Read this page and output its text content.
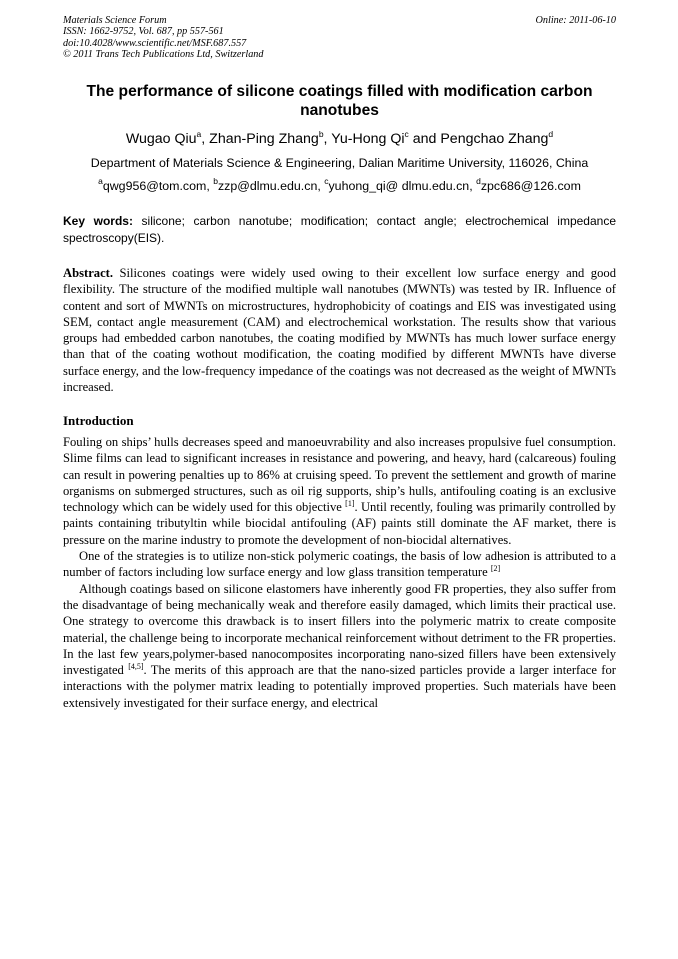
Materials Science Forum
ISSN: 1662-9752, Vol. 687, pp 557-561
doi:10.4028/www.scientific.net/MSF.687.557
© 2011 Trans Tech Publications Ltd, Switzerland
Online: 2011-06-10
The performance of silicone coatings filled with modification carbon nanotubes
Wugao Qiu$^a$, Zhan-Ping Zhang$^b$, Yu-Hong Qi$^c$ and Pengchao Zhang$^d$
Department of Materials Science & Engineering, Dalian Maritime University, 116026, China
$^a$qwg956@tom.com, $^b$zzp@dlmu.edu.cn, $^c$yuhong_qi@ dlmu.edu.cn, $^d$zpc686@126.com
Key words: silicone; carbon nanotube; modification; contact angle; electrochemical impedance spectroscopy(EIS).
Abstract. Silicones coatings were widely used owing to their excellent low surface energy and good flexibility. The structure of the modified multiple wall nanotubes (MWNTs) was tested by IR. Influence of content and sort of MWNTs on microstructures, hydrophobicity of coatings and EIS was investigated using SEM, contact angle measurement (CAM) and electrochemical workstation. The results show that various groups had embedded carbon nanotubes, the coating modified by MWNTs has much lower surface energy than that of the coating wothout modification, the coating modified by different MWNTs have diverse surface energy, and the low-frequency impedance of the coatings was not decreased as the weight of MWNTs increased.
Introduction

Fouling on ships’ hulls decreases speed and manoeuvrability and also increases propulsive fuel consumption. Slime films can lead to significant increases in resistance and powering, and heavy, hard (calcareous) fouling can result in powering penalties up to 86% at cruising speed. To prevent the settlement and growth of marine organisms on submerged structures, such as oil rig supports, ship’s hulls, antifouling coating is an exclusive technology which can be widely used for this objective [1]. Until recently, fouling was primarily controlled by paints containing tributyltin while biocidal antifouling (AF) paints still dominate the AF market, there is pressure on the marine industry to promote the development of non-biocidal alternatives.

One of the strategies is to utilize non-stick polymeric coatings, the basis of low adhesion is attributed to a number of factors including low surface energy and low glass transition temperature [2]

Although coatings based on silicone elastomers have inherently good FR properties, they also suffer from the disadvantage of being mechanically weak and therefore easily damaged, which limits their practical use. One strategy to overcome this drawback is to insert fillers into the polymeric matrix to create composite material, the challenge being to incorporate mechanical reinforcement without detriment to the FR properties. In the last few years,polymer-based nanocomposites incorporating nano-sized fillers have been extensively investigated [4,5]. The merits of this approach are that the nano-sized particles provide a larger interface for interactions with the polymer matrix leading to potentially improved properties. Such materials have been extensively investigated for their surface energy, and electrical
